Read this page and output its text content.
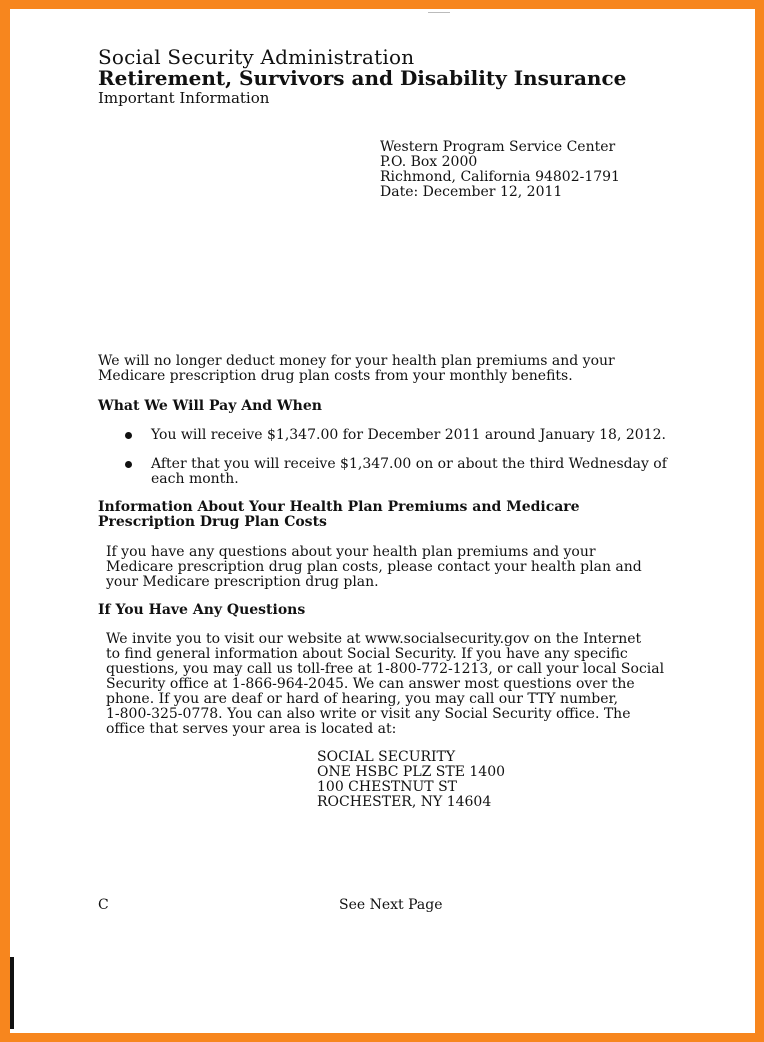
Social Security Administration
Retirement, Survivors and Disability Insurance
Important Information
Western Program Service Center
P.O. Box 2000
Richmond, California 94802-1791
Date: December 12, 2011
We will no longer deduct money for your health plan premiums and your
Medicare prescription drug plan costs from your monthly benefits.
What We Will Pay And When
You will receive $1,347.00 for December 2011 around January 18, 2012.
After that you will receive $1,347.00 on or about the third Wednesday of
each month.
Information About Your Health Plan Premiums and Medicare
Prescription Drug Plan Costs
If you have any questions about your health plan premiums and your
Medicare prescription drug plan costs, please contact your health plan and
your Medicare prescription drug plan.
If You Have Any Questions
We invite you to visit our website at www.socialsecurity.gov on the Internet
to find general information about Social Security. If you have any specific
questions, you may call us toll-free at 1-800-772-1213, or call your local Social
Security office at 1-866-964-2045. We can answer most questions over the
phone. If you are deaf or hard of hearing, you may call our TTY number,
1-800-325-0778. You can also write or visit any Social Security office. The
office that serves your area is located at:
SOCIAL SECURITY
ONE HSBC PLZ STE 1400
100 CHESTNUT ST
ROCHESTER, NY 14604
C	See Next Page
